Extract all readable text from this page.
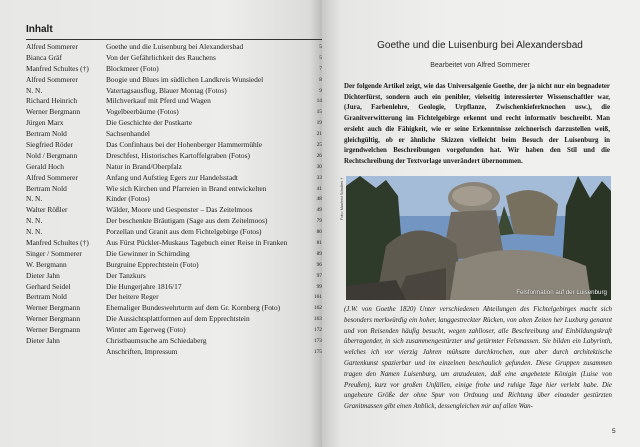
Inhalt
Alfred Sommerer	Goethe und die Luisenburg bei Alexandersbad	5
Bianca Gräf	Von der Gefährlichkeit des Rauchens	5
Manfred Schultes (†)	Blockmeer (Foto)	7
Alfred Sommerer	Boogie und Blues im südlichen Landkreis Wunsiedel	8
N. N.	Vatertagsausflug, Blauer Montag (Fotos)	9
Richard Heinrich	Milchverkauf mit Pferd und Wagen	14
Werner Bergmann	Vogelbeerbäume (Fotos)	15
Jürgen Marx	Die Geschichte der Postkarte	19
Bertram Nold	Sachsenhandel	21
Siegfried Röder	Das Confinhaus bei der Hohenberger Hammermühle	25
Nold / Bergmann	Dreschfest, Historisches Kartoffelgraben (Fotos)	26
Gerald Hoch	Natur in Brand/Oberpfalz	30
Alfred Sommerer	Anfang und Aufstieg Egers zur Handelsstadt	33
Bertram Nold	Wie sich Kirchen und Pfarreien in Brand entwickelten	41
N. N.	Kinder (Fotos)	48
Walter Rößler	Wälder, Moore und Gespenster – Das Zeitelmoos	49
N. N.	Der beschenkte Bräutigam (Sage aus dem Zeitelmoos)	79
N. N.	Porzellan und Granit aus dem Fichtelgebirge (Fotos)	80
Manfred Schultes (†)	Aus Fürst Pückler-Muskaus Tagebuch einer Reise in Franken	81
Singer / Sommerer	Die Gewinner in Schirnding	89
W. Bergmann	Burgruine Epprechtstein (Foto)	96
Dieter Jahn	Der Tanzkurs	97
Gerhard Seidel	Die Hungerjahre 1816/17	99
Bertram Nold	Der heitere Reger	161
Werner Bergmann	Ehemaliger Bundeswehrturm auf dem Gr. Kornberg (Foto)	162
Werner Bergmann	Die Aussichtsplattformen auf dem Epprechtstein	163
Werner Bergmann	Winter am Egerweg (Foto)	172
Dieter Jahn	Christbaumsuche am Schiedaberg	173
Anschriften, Impressum	175
Goethe und die Luisenburg bei Alexandersbad
Bearbeitet von Alfred Sommerer
Der folgende Artikel zeigt, wie das Universalgenie Goethe, der ja nicht nur ein begnadeter Dichterfürst, sondern auch ein penibler, vielseitig interessierter Wissenschaftler war, (Jura, Farbenlehre, Geologie, Urpflanze, Zwischenkieferknochen usw.), die Granitverwitterung im Fichtelgebirge erkennt und recht informativ beschreibt. Man ersieht auch die Fähigkeit, wie er seine Erkenntnisse zeichnerisch darzustellen weiß, gleichgültig, ob er ähnliche Skizzen vielleicht beim Besuch der Luisenburg in irgendwelchen Beschreibungen vorgefunden hat. Wir haben den Stil und die Rechtschreibung der Textvorlage unverändert übernommen.
Felsformation auf der Luisenburg
Foto: Manfred Schultes †
(J.W. von Goethe 1820) Unter verschiedenen Abteilungen des Fichtelgebirges macht sich besonders merkwürdig ein hoher, langgestreckter Rücken, von alten Zeiten her Luxburg genannt und von Reisenden häufig besucht, wegen zahlloser, alle Beschreibung und Einbildungskraft überragender, in sich zusammengestürzter und getürmter Felsmassen. Sie bilden ein Labyrinth, welches ich vor vierzig Jahren mühsam durchkrochen, nun aber durch architektische Gartenkunst spazierbar und im einzelnen beschaulich gefunden. Diese Gruppen zusammen tragen den Namen Luisenburg, um anzudeuten, daß eine angebetete Königin (Luise von Preußen), kurz vor großen Unfällen, einige frohe und ruhige Tage hier verlebt habe. Die ungeheure Größe der ohne Spur von Ordnung und Richtung über einander gestürzten Granitmassen gibt einen Anblick, dessengleichen mir auf allen Wan-
5
